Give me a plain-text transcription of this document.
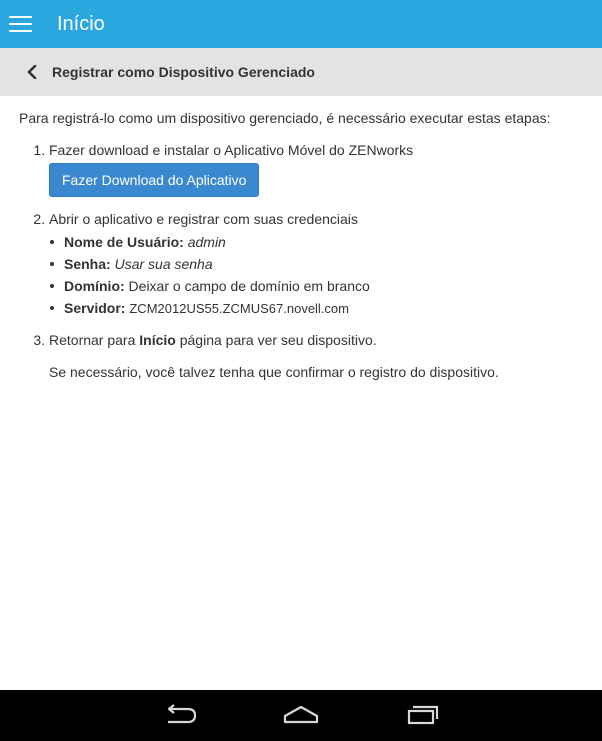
Início
Registrar como Dispositivo Gerenciado

Para registrá-lo como um dispositivo gerenciado, é necessário executar estas etapas:

1. Fazer download e instalar o Aplicativo Móvel do ZENworks
Fazer Download do Aplicativo
2. Abrir o aplicativo e registrar com suas credenciais
Nome de Usuário: admin
Senha: Usar sua senha
Domínio: Deixar o campo de domínio em branco
Servidor: ZCM2012US55.ZCMUS67.novell.com
3. Retornar para Início página para ver seu dispositivo.

Se necessário, você talvez tenha que confirmar o registro do dispositivo.
